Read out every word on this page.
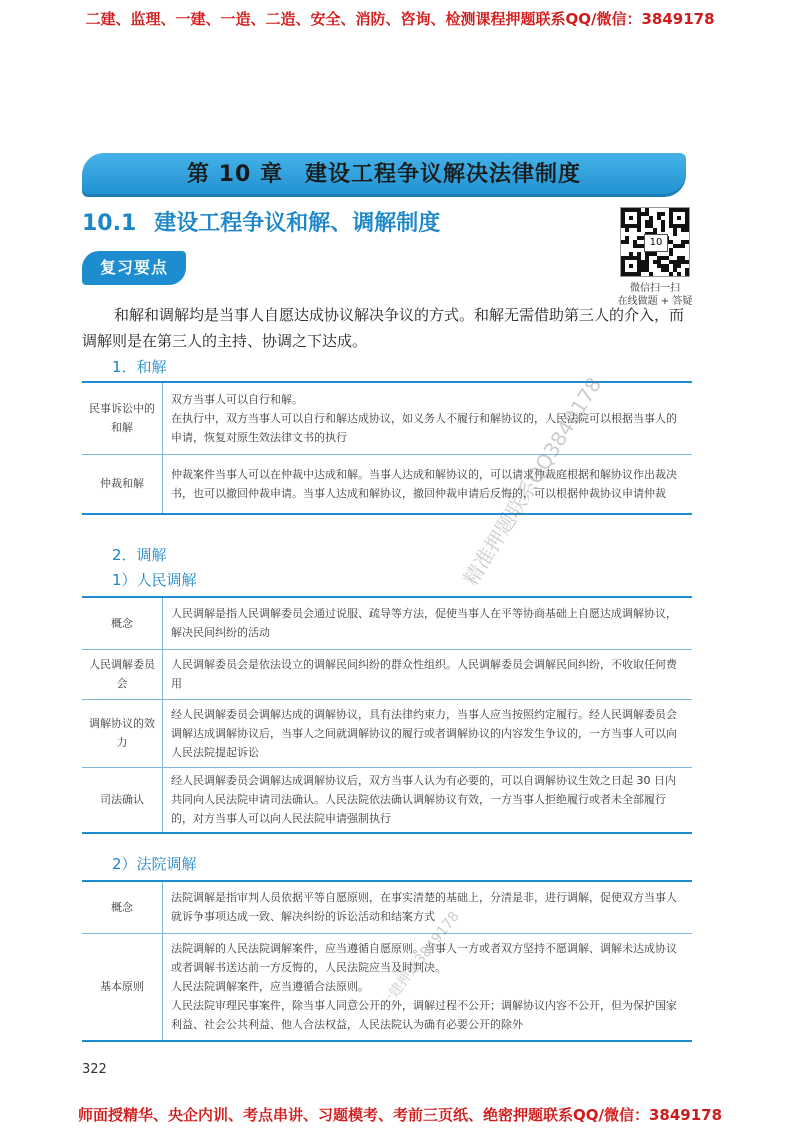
二建、监理、一建、一造、二造、安全、消防、咨询、检测课程押题联系QQ/微信：3849178
第 10 章 建设工程争议解决法律制度
10.1 建设工程争议和解、调解制度
复习要点
10
微信扫一扫
在线做题 + 答疑
和解和调解均是当事人自愿达成协议解决争议的方式。和解无需借助第三人的介入，而调解则是在第三人的主持、协调之下达成。
1．和解
民事诉讼中的和解	双方当事人可以自行和解。
在执行中，双方当事人可以自行和解达成协议，如义务人不履行和解协议的，人民法院可以根据当事人的申请，恢复对原生效法律文书的执行

仲裁和解	仲裁案件当事人可以在仲裁中达成和解。当事人达成和解协议的，可以请求仲裁庭根据和解协议作出裁决书，也可以撤回仲裁申请。当事人达成和解协议，撤回仲裁申请后反悔的，可以根据仲裁协议申请仲裁
2．调解
1）人民调解
概念	人民调解是指人民调解委员会通过说服、疏导等方法，促使当事人在平等协商基础上自愿达成调解协议，解决民间纠纷的活动

人民调解委员会	人民调解委员会是依法设立的调解民间纠纷的群众性组织。人民调解委员会调解民间纠纷，不收取任何费用

调解协议的效力	经人民调解委员会调解达成的调解协议，具有法律约束力，当事人应当按照约定履行。经人民调解委员会调解达成调解协议后，当事人之间就调解协议的履行或者调解协议的内容发生争议的，一方当事人可以向人民法院提起诉讼

司法确认	经人民调解委员会调解达成调解协议后，双方当事人认为有必要的，可以自调解协议生效之日起 30 日内共同向人民法院申请司法确认。人民法院依法确认调解协议有效，一方当事人拒绝履行或者未全部履行的，对方当事人可以向人民法院申请强制执行
2）法院调解
概念	法院调解是指审判人员依据平等自愿原则，在事实清楚的基础上，分清是非，进行调解，促使双方当事人就诉争事项达成一致、解决纠纷的诉讼活动和结案方式

基本原则	法院调解的人民法院调解案件，应当遵循自愿原则。当事人一方或者双方坚持不愿调解、调解未达成协议或者调解书送达前一方反悔的，人民法院应当及时判决。
人民法院调解案件，应当遵循合法原则。
人民法院审理民事案件，除当事人同意公开的外，调解过程不公开；调解协议内容不公开，但为保护国家利益、社会公共利益、他人合法权益，人民法院认为确有必要公开的除外
322
精准押题联系QQ3849178
一建押题3849178
师面授精华、央企内训、考点串讲、习题模考、考前三页纸、绝密押题联系QQ/微信：3849178
